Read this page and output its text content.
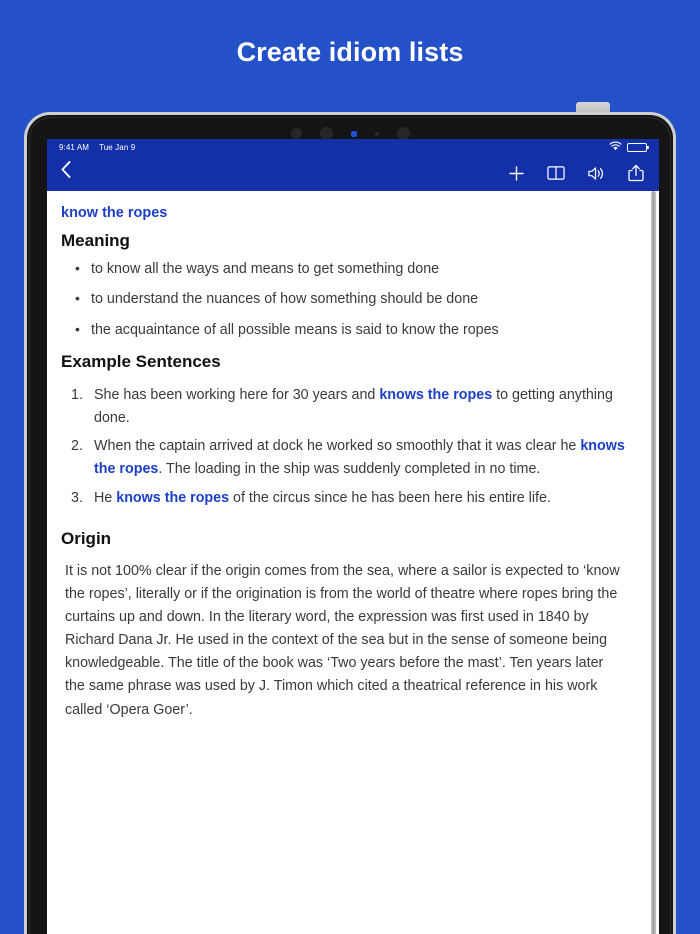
Create idiom lists
9:41 AM Tue Jan 9
know the ropes
Meaning
• to know all the ways and means to get something done
• to understand the nuances of how something should be done
• the acquaintance of all possible means is said to know the ropes
Example Sentences
She has been working here for 30 years and knows the ropes to getting anything done.
When the captain arrived at dock he worked so smoothly that it was clear he knows the ropes. The loading in the ship was suddenly completed in no time.
He knows the ropes of the circus since he has been here his entire life.
Origin
It is not 100% clear if the origin comes from the sea, where a sailor is expected to ‘know the ropes’, literally or if the origination is from the world of theatre where ropes bring the curtains up and down. In the literary word, the expression was first used in 1840 by Richard Dana Jr. He used in the context of the sea but in the sense of someone being knowledgeable. The title of the book was ‘Two years before the mast’. Ten years later the same phrase was used by J. Timon which cited a theatrical reference in his work called ‘Opera Goer’.
